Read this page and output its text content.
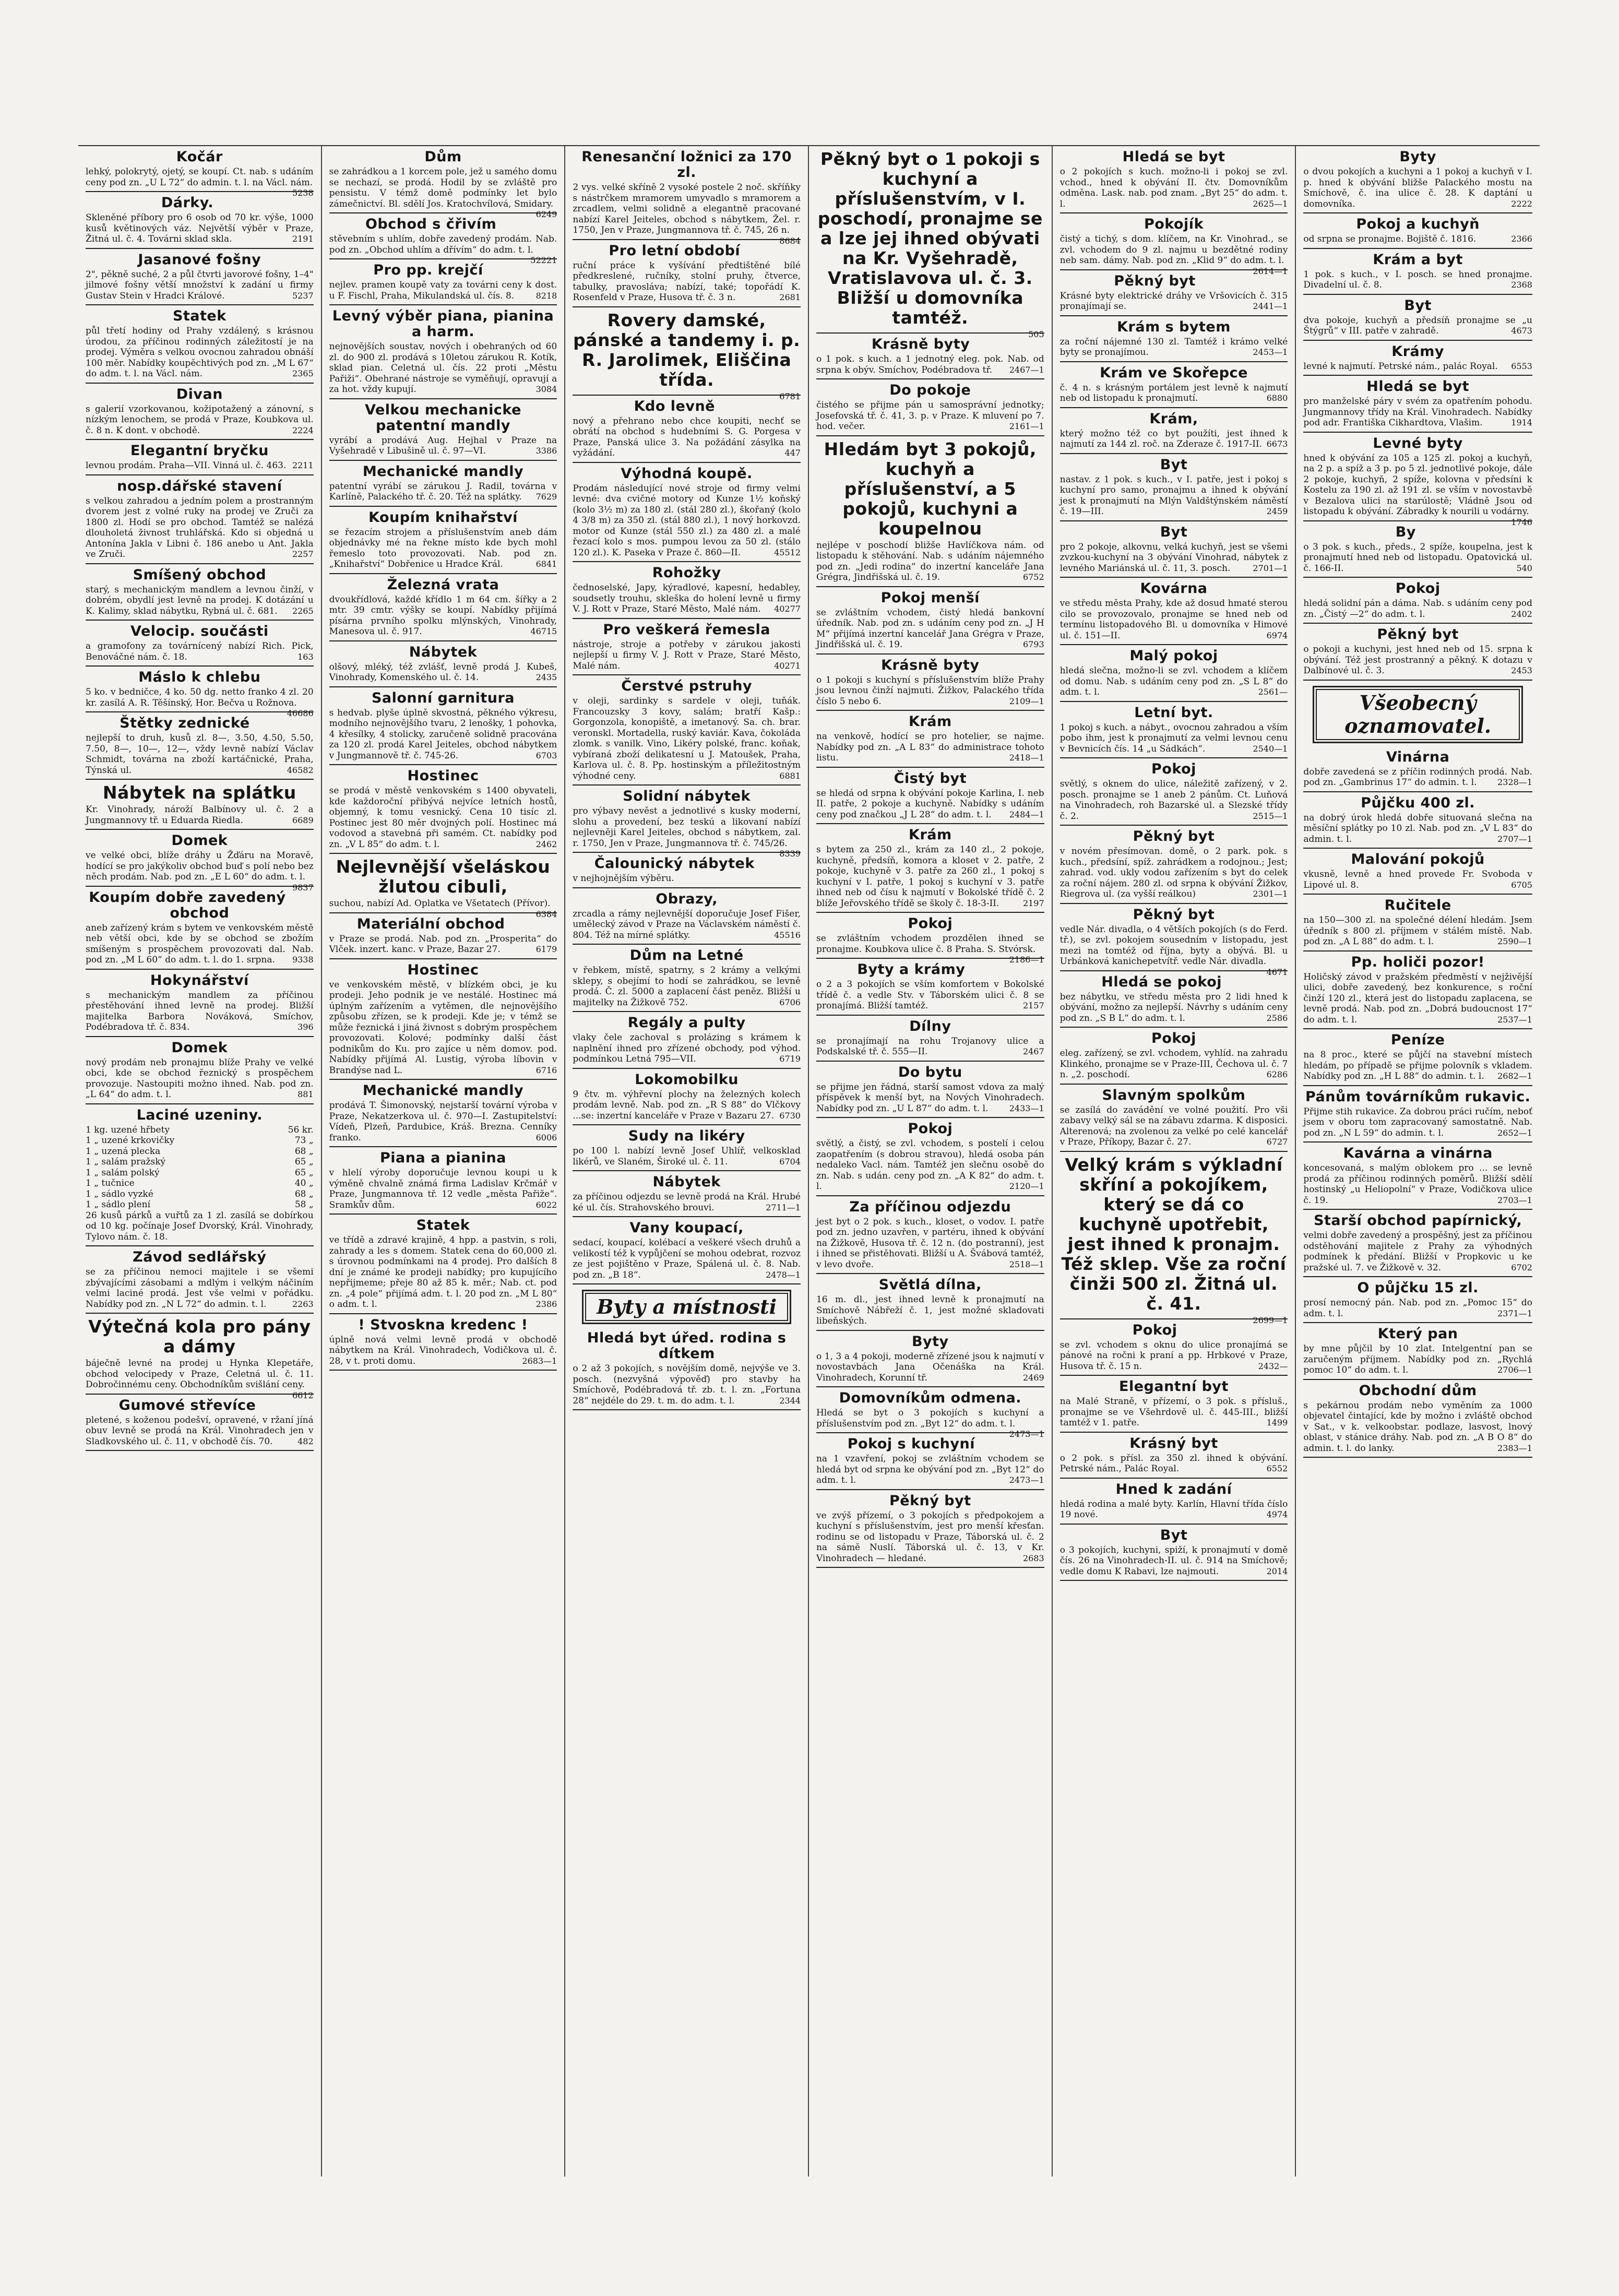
Kočár
lehký, polokrytý, ojetý, se koupí. Ct. nab. s udáním ceny pod zn. „U L 72“ do admin. t. l. na Václ. nám.
5238
Dárky.
Skleněné příbory pro 6 osob od 70 kr. výše, 1000 kusů květinových váz. Největší výběr v Praze, Žitná ul. č. 4. Továrni sklad skla.	2191
Jasanové fošny
2", pěkně suché, 2 a půl čtvrti javorové fošny, 1–4" jilmové fošny větší množství k zadání u firmy Gustav Stein v Hradci Králové.	5237
Statek
půl třetí hodiny od Prahy vzdálený, s krásnou úrodou, za příčinou rodinných záležitostí je na prodej. Výměra s velkou ovocnou zahradou obnáší 100 měr. Nabídky koupěchtivých pod zn. „M L 67“ do adm. t. l. na Václ. nám.	2365
Divan
s galerií vzorkovanou, kožipotažený a zánovní, s nízkým lenochem, se prodá v Praze, Koubkova ul. č. 8 n. K dont. v obchodě.	2224
Elegantní bryčku
levnou prodám. Praha—VII. Vinná ul. č. 463. 2211
nosp.dářské stavení
s velkou zahradou a jedním polem a prostranným dvorem jest z volné ruky na prodej ve Zruči za 1800 zl. Hodí se pro obchod. Tamtéž se nalézá dlouholetá živnost truhlářská. Kdo si objedná u Antonína Jakla v Libni č. 186 anebo u Ant. Jakla ve Zruči.	2257
Smíšený obchod
starý, s mechanickým mandlem a levnou činží, v dobrém, obydlí jest levně na prodej. K dotázání u K. Kalimy, sklad nábytku, Rybná ul. č. 681.	2265
Velocip. součásti
a gramofony za továrnícený nabízí Rich. Pick, Benováčné nám. č. 18.	163
Máslo k chlebu
5 ko. v bedničce, 4 ko. 50 dg. netto franko 4 zl. 20 kr. zasílá A. R. Těšínský, Hor. Bečva u Rožnova.
46686
Štětky zednické
nejlepší to druh, kusů zl. 8—, 3.50, 4.50, 5.50, 7.50, 8—, 10—, 12—, vždy levně nabízí Václav Schmidt, továrna na zboží kartáčnické, Praha, Týnská ul.	46582
Nábytek na splátku
Kr. Vinohrady, nároží Balbínovy ul. č. 2 a Jungmannovy tř. u Eduarda Riedla.	6689
Domek
ve velké obci, blíže dráhy u Žďáru na Moravě, hodící se pro jakýkoliv obchod buď s polí nebo bez něch prodám. Nab. pod zn. „E L 60“ do adm. t. l.
9837
Koupím dobře zavedený obchod
aneb zařízený krám s bytem ve venkovském městě neb větší obci, kde by se obchod se zbožím smíšeným s prospěchem provozovati dal. Nab. pod zn. „M L 60“ do adm. t. l. do 1. srpna.	9338
Hokynářství
s mechanickým mandlem za příčinou přestěhování ihned levně na prodej. Bližší majitelka Barbora Nováková, Smíchov, Podébradova tř. č. 834.	396
Domek
nový prodám neb pronajmu blíže Prahy ve velké obci, kde se obchod řeznický s prospěchem provozuje. Nastoupiti možno ihned. Nab. pod zn. „L 64“ do adm. t. l.	881
Laciné uzeniny.
1 kg. uzené hřbety	56 kr.
1 „ uzené krkovičky	73 „
1 „ uzená plecka	68 „
1 „ salám pražský	65 „
1 „ salám polský	65 „
1 „ tučnice	40 „
1 „ sádlo vyzké	68 „
1 „ sádlo plení	58 „
26 kusů párků a vuřtů za 1 zl. zasílá se dobírkou od 10 kg. počínaje Josef Dvorský, Král. Vinohrady, Tylovo nám. č. 18.
Závod sedlářský
se za příčinou nemoci majitele i se všemi zbývajícími zásobami a mdlým i velkým náčiním velmi laciné prodá. Jest vše velmi v pořádku. Nabídky pod zn. „N L 72“ do admin. t. l.	2263
Výtečná kola pro pány a dámy
báječně levné na prodej u Hynka Klepetáře, obchod velocipedy v Praze, Celetná ul. č. 11. Dobročinnému ceny. Obchodníkům svišlání ceny.
6612
Gumové střevíce
pletené, s koženou podešví, opravené, v ržaní jíná obuv levně se prodá na Král. Vinohradech jen v Sladkovského ul. č. 11, v obchodě čís. 70.	482
Dům
se zahrádkou a 1 korcem pole, jež u samého domu se nechazí, se prodá. Hodil by se zvláště pro pensistu. V témž domě podmínky let bylo zámečnictví. Bl. sdělí Jos. Kratochvílová, Smidary.
6249
Obchod s čřivím
stěvebním s uhlím, dobře zavedený prodám. Nab. pod zn. „Obchod uhlím a dřívím“ do adm. t. l.
52221
Pro pp. krejčí
nejlev. pramen koupě vaty za továrni ceny k dost. u F. Fischl, Praha, Mikulandská ul. čís. 8.	8218
Levný výběr piana, pianina a harm.
nejnovějších soustav, nových i obehraných od 60 zl. do 900 zl. prodává s 10letou zárukou R. Kotík, sklad pian. Celetná ul. čís. 22 proti „Městu Pařiži“. Obehrané nástroje se vyměňují, opravují a za hot. vždy kupují.	3084
Velkou mechanicke patentní mandly
vyrábí a prodává Aug. Hejhal v Praze na Vyšehradě v Libušině ul. č. 97—VI.	3386
Mechanické mandly
patentní vyrábí se zárukou J. Radil, továrna v Karlíně, Palackého tř. č. 20. Též na splátky.	7629
Koupím knihařství
se řezacím strojem a příslušenstvím aneb dám objednávky mé na řekne místo kde bych mohl řemeslo toto provozovati. Nab. pod zn. „Knihařství“ Dobřenice u Hradce Král.	6841
Železná vrata
dvoukřídlová, každé křídlo 1 m 64 cm. šířky a 2 mtr. 39 cmtr. výšky se koupí. Nabídky přijímá písárna prvního spolku mlýnských, Vinohrady, Manesova ul. č. 917.	46715
Nábytek
olšový, mléký, též zvlášť, levně prodá J. Kubeš, Vinohrady, Komenského ul. č. 14.	2435
Salonní garnitura
s hedvab. plyše úplně skvostná, pěkného výkresu, modního nejnovějšího tvaru, 2 lenošky, 1 pohovka, 4 křesílky, 4 stolicky, zaručeně solidně pracována za 120 zl. prodá Karel Jeiteles, obchod nábytkem v Jungmannově tř. č. 745-26.	6703
Hostinec
se prodá v městě venkovském s 1400 obyvateli, kde každoroční přibývá nejvíce letních hostů, objemný, k tomu vesnický. Cena 10 tisíc zl. Postinec jest 80 měr dvojných polí. Hostinec má vodovod a stavebná při samém. Ct. nabídky pod zn. „V L 85“ do adm. t. l.	2462
Nejlevnější všeláskou žlutou cibuli,
suchou, nabízí Ad. Oplatka ve Všetatech (Přívor).
6384
Materiální obchod
v Praze se prodá. Nab. pod zn. „Prosperita“ do Vlček. inzert. kanc. v Praze, Bazar 27.	6179
Hostinec
ve venkovském městě, v blízkém obci, je ku prodeji. Jeho podnik je ve nestálé. Hostinec má úplným zařízením a vytěmen, dle nejnovějšího způsobu zřízen, se k prodeji. Kde je; v témž se může řeznická i jiná živnost s dobrým prospěchem provozovati. Kolové; podmínky další část podnikům do Ku. pro zajíce u něm domov. pod. Nabídky přijímá Al. Lustig, výroba líbovin v Brandýse nad L.	6716
Mechanické mandly
prodává T. Šimonovský, nejstarší tovární výroba v Praze, Nekatzerkova ul. č. 970—I. Zastupitelství: Vídeň, Plzeň, Pardubice, Kráš. Brezna. Cenníky franko.	6006
Piana a pianina
v hlelí výroby doporučuje levnou koupi u k výměně chvalně známá firma Ladislav Krčmář v Praze, Jungmannova tř. 12 vedle „města Pařiže“. Sramkův dům.	6022
Statek
ve třídě a zdravé krajině, 4 hpp. a pastvin, s roli, zahrady a les s domem. Statek cena do 60,000 zl. s úrovnou podmínkami na 4 prodej. Pro dalších 8 dní je známé ke prodeji nabídky; pro kupujícího nepřijmeme; přeje 80 až 85 k. měr.; Nab. ct. pod zn. „4 pole“ přijímá adm. t. l. 20 pod zn. „M L 80“ o adm. t. l.	2386
! Stvoskna kredenc !
úplně nová velmi levně prodá v obchodě nábytkem na Král. Vinohradech, Vodičkova ul. č. 28, v t. proti domu.	2683—1
Renesanční ložnici za 170 zl.
2 vys. velké skříně 2 vysoké postele 2 noč. skříňky s nástrčkem mramorem umyvadlo s mramorem a zrcadlem, velmi solidně a elegantně pracované nabízí Karel Jeiteles, obchod s nábytkem, Žel. r. 1750, Jen v Praze, Jungmannova tř. č. 745, 26 n.
8684
Pro letní období
ruční práce k vyšívání předtištěné bílé předkreslené, ručníky, stolní pruhy, čtverce, tabulky, pravosláva; nabízí, také; topořádí K. Rosenfeld v Praze, Husova tř. č. 3 n.	2681
Rovery damské, pánské a tandemy i. p. R. Jarolimek, Eliščina třída.
6781
Kdo levně
nový a přehrano nebo chce koupiti, nechť se obrátí na obchod s hudebními S. G. Porgesa v Praze, Panská ulice 3. Na požádání zásylka na vyžádání.	447
Výhodná koupě.
Prodám následující nové stroje od firmy velmi levné: dva cvičné motory od Kunze 1½ koňský (kolo 3½ m) za 180 zl. (stál 280 zl.), škořaný (kolo 4 3/8 m) za 350 zl. (stál 880 zl.), 1 nový horkovzd. motor od Kunze (stál 550 zl.) za 480 zl. a malé řezací kolo s mos. pumpou levou za 50 zl. (stálo 120 zl.). K. Paseka v Praze č. 860—II.	45512
Rohožky
čednoselské, Japy, kýradlové, kapesní, hedabley, soudsetly trouhu, skleška do holení levně u firmy V. J. Rott v Praze, Staré Město, Malé nám.	40277
Pro veškerá řemesla
nástroje, stroje a potřeby v zárukou jakosti nejlepší u firmy V. J. Rott v Praze, Staré Město, Malé nám.	40271
Čerstvé pstruhy
v oleji, sardinky s sardele v oleji, tuňák. Francouzsky 3 kovy, salám; bratří Kašp.: Gorgonzola, konopiště, a imetanový. Sa. ch. brar. veronskl. Mortadella, ruský kaviár. Kava, čokoláda zlomk. s vanilk. Vino, Likéry polské, franc. koňak, vybíraná zboží delikatesní u J. Matoušek, Praha, Karlova ul. č. 8. Pp. hostinským a příležitostným výhodné ceny.	6881
Solidní nábytek
pro výbavy nevěst a jednotlivé s kusky moderní, slohu a provedení, bez teskú a likovaní nabízí nejlevněji Karel Jeiteles, obchod s nábytkem, zal. r. 1750, Jen v Praze, Jungmannova tř. č. 745/26.
8339
Čalounický nábytek
v nejhojnějším výběru.
Obrazy,
zrcadla a rámy nejlevnější doporučuje Josef Fišer, umělecký závod v Praze na Václavském náměstí č. 804. Též na mírné splátky.	45516
Dům na Letné
v řebkem, místě, spatrny, s 2 krámy a velkými sklepy, s obejímí to hodí se zahrádkou, se levně prodá. Č. zl. 5000 a zaplacení část peněz. Bližší u majitelky na Žižkově 752.	6706
Regály a pulty
vlaky čele zachoval s prolázing s krámem k naplnění ihned pro zřízené obchody, pod výhod. podmínkou Letná 795—VII.	6719
Lokomobilku
9 čtv. m. výhřevní plochy na železných kolech prodám levně. Nab. pod zn. „R S 88“ do Vlčkovy ...se: inzertní kanceláře v Praze v Bazaru 27. 6730
Sudy na likéry
po 100 l. nabízí levně Josef Uhlíř, velkosklad likérů, ve Slaném, Široké ul. č. 11.	6704
Nábytek
za příčinou odjezdu se levně prodá na Král. Hrubé ké ul. čís. Strahovského brouvi.	2711—1
Vany koupací,
sedací, koupací, kolébací a veškeré všech druhů a velikostí též k vypůjčení se mohou odebrat, rozvoz ze jest pojištěno v Praze, Spálená ul. č. 8. Nab. pod zn. „B 18“.	2478—1
Byty a místnosti
Hledá byt úřed. rodina s dítkem
o 2 až 3 pokojích, s novějším domě, nejvýše ve 3. posch. (nezvyšná výpověď) pro stavby ha Smíchově, Podébradová tř. zb. t. l. zn. „Fortuna 28“ nejdéle do 29. t. m. do adm. t. l.	2344
Pěkný byt o 1 pokoji s kuchyní a příslušenstvím, v I. poschodí, pronajme se a lze jej ihned obývati na Kr. Vyšehradě, Vratislavova ul. č. 3. Bližší u domovníka tamtéž.
505
Krásně byty
o 1 pok. s kuch. a 1 jednotný eleg. pok. Nab. od srpna k obýv. Smíchov, Podébradova tř.	2467—1
Do pokoje
čistého se přijme pán u samosprávní jednotky; Josefovská tř. č. 41, 3. p. v Praze. K mluvení po 7. hod. večer.	2161—1
Hledám byt 3 pokojů, kuchyň a příslušenství, a 5 pokojů, kuchyni a koupelnou
nejlépe v poschodí bližše Havlíčkova nám. od listopadu k stěhování. Nab. s udáním nájemného pod zn. „Jedi rodina“ do inzertní kanceláře Jana Grégra, Jindřišská ul. č. 19.	6752
Pokoj menší
se zvláštním vchodem, čistý hledá bankovní úředník. Nab. pod zn. s udáním ceny pod zn. „J H M“ přijímá inzertní kancelář Jana Grégra v Praze, Jindřišská ul. č. 19.	6793
Krásně byty
o 1 pokoji s kuchyní s příslušenstvím blíže Prahy jsou levnou činží najmuti. Žižkov, Palackého třída číslo 5 nebo 6.	2109—1
Krám
na venkově, hodící se pro hotelier, se najme. Nabídky pod zn. „A L 83“ do administrace tohoto listu.	2418—1
Čistý byt
se hledá od srpna k obývání pokoje Karlina, I. neb II. patře, 2 pokoje a kuchyně. Nabídky s udáním ceny pod značkou „J L 28“ do adm. t. l.	2484—1
Krám
s bytem za 250 zl., krám za 140 zl., 2 pokoje, kuchyně, předsíň, komora a kloset v 2. patře, 2 pokoje, kuchyně v 3. patře za 260 zl., 1 pokoj s kuchyní v I. patře, 1 pokoj s kuchyní v 3. patře ihned neb od čísu k najmutí v Bokolské třídě č. 2 blíže Jeřovského třídě se školy č. 18-3-II.	2197
Pokoj
se zvláštním vchodem prozdělen ihned se pronajme. Koubkova ulice č. 8 Praha. S. Stvórsk.
2186—1
Byty a krámy
o 2 a 3 pokojích se vším komfortem v Bokolské třídě č. a vedle Stv. v Táborském ulici č. 8 se pronajímá. Bližší tamtéž.	2157
Dílny
se pronajímají na rohu Trojanovy ulice a Podskalské tř. č. 555—II.	2467
Do bytu
se přijme jen řádná, starší samost vdova za malý příspěvek k menší byt, na Nových Vinohradech. Nabídky pod zn. „U L 87“ do adm. t. l.	2433—1
Pokoj
světlý, a čistý, se zvl. vchodem, s postelí i celou zaopatřením (s dobrou stravou), hledá osoba pán nedaleko Vacl. nám. Tamtéž jen slečnu osobě do zn. Nab. s udán. ceny pod zn. „A K 82“ do adm. t. l.	2120—1
Za příčinou odjezdu
jest byt o 2 pok. s kuch., kloset, o vodov. I. patře pod zn. jedno uzavřen, v partéru, ihned k obývání na Žižkově, Husova tř. č. 12 n. (do postranní), jest i ihned se přistěhovati. Bližší u A. Švábová tamtéž, v levo dvoře.	2518—1
Světlá dílna,
16 m. dl., jest ihned levně k pronajmutí na Smíchově Nábřeží č. 1, jest možné skladovati libeňských.
Byty
o 1, 3 a 4 pokoji, moderně zřízené jsou k najmutí v novostavbách Jana Očenáška na Král. Vinohradech, Korunní tř.	2469
Domovníkům odmena.
Hledá se byt o 3 pokojích s kuchyní a příslušenstvím pod zn. „Byt 12“ do adm. t. l.
2473—1
Pokoj s kuchyní
na 1 vzavření, pokoj se zvláštním vchodem se hledá byt od srpna ke obývání pod zn. „Byt 12“ do adm. t. l.	2473—1
Pěkný byt
ve zvýš přízemí, o 3 pokojích s předpokojem a kuchyní s příslušenstvím, jest pro menší křesťan. rodinu se od listopadu v Praze, Táborská ul. č. 2 na sámě Nuslí. Táborská ul. č. 13, v Kr. Vinohradech — hledané.	2683
Hledá se byt
o 2 pokojích s kuch. možno-li i pokoj se zvl. vchod., hned k obývání II. čtv. Domovníkům odměna. Lask. nab. pod znam. „Byt 25“ do adm. t. l.	2625—1
Pokojík
čistý a tichý, s dom. klíčem, na Kr. Vinohrad., se zvl. vchodem do 9 zl. najmu u bezdětné rodiny neb sam. dámy. Nab. pod zn. „Klid 9“ do adm. t. l.
2614—1
Pěkný byt
Krásné byty elektrické dráhy ve Vršovicích č. 315 pronajímají se.	2441—1
Krám s bytem
za roční nájemné 130 zl. Tamtéž i krámo velké byty se pronajímou.	2453—1
Krám ve Skořepce
č. 4 n. s krásným portálem jest levně k najmutí neb od listopadu k pronajmutí.	6880
Krám,
který možno též co byt použíti, jest ihned k najmutí za 144 zl. roč. na Zderaze č. 1917-II. 6673
Byt
nastav. z 1 pok. s kuch., v I. patře, jest i pokoj s kuchyní pro samo, pronajmu a ihned k obývání jest k pronajmutí na Mlýn Valdštýnském náměstí č. 19—III.	2459
Byt
pro 2 pokoje, alkovnu, velká kuchyň, jest se všemi zvzkou-kuchyní na 3 obývání Vinohrad, nábytek z levného Mariánská ul. č. 11, 3. posch.	2701—1
Kovárna
ve středu města Prahy, kde až dosud hmaté sterou cilo se provozovalo, pronajme se hned neb od termínu listopadového Bl. u domovníka v Himové ul. č. 151—II.	6974
Malý pokoj
hledá slečna, možno-li se zvl. vchodem a klíčem od domu. Nab. s udáním ceny pod zn. „S L 8“ do adm. t. l.	2561—
Letní byt.
1 pokoj s kuch. a nábyt., ovocnou zahradou a vším pobo ihm, jest k pronajmutí za velmi levnou cenu v Bevnicích čís. 14 „u Sádkách“.	2540—1
Pokoj
světlý, s oknem do ulice, náležitě zařízený, v 2. posch. pronajme se 1 aneb 2 pánům. Ct. Luňová na Vinohradech, roh Bazarské ul. a Slezské třídy č. 2.	2515—1
Pěkný byt
v novém přesímovan. domě, o 2 park. pok. s kuch., předsíní, spíž. zahrádkem a rodojnou.; Jest; zahrad. vod. ukly vodou zařízením s byt do celek za roční nájem. 280 zl. od srpna k obývání Žižkov, Riegrova ul. (za vyšší reálkou)	2301—1
Pěkný byt
vedle Nár. divadla, o 4 větších pokojích (s do Ferd. tř.), se zvl. pokojem sousedním v listopadu, jest mezi na tomtéž od října, byty a obývá. Bl. u Urbánková kanichepetvítř. vedle Nár. divadla.
4671
Hledá se pokoj
bez nábytku, ve středu města pro 2 lidi hned k obývání, možno za nejlepší. Návrhy s udáním ceny pod zn. „S B L“ do adm. t. l.	2586
Pokoj
eleg. zařízený, se zvl. vchodem, vyhlíd. na zahradu Klinkého, pronajme se v Praze-III, Čechova ul. č. 7 n. „2. poschodí.	6286
Slavným spolkům
se zasílá do zavádění ve volné použití. Pro vši zabavy velký sál se na zábavu zdarma. K disposici. Alterenová; na zvolenou za velké po celé kancelář v Praze, Příkopy, Bazar č. 27.	6727
Velký krám s výkladní skříní a pokojíkem, který se dá co kuchyně upotřebit, jest ihned k pronajm. Též sklep. Vše za roční činži 500 zl. Žitná ul. č. 41.
2699—1
Pokoj
se zvl. vchodem s oknu do ulice pronajímá se pánové na ročni k praní a pp. Hrbkové v Praze, Husova tř. č. 15 n.	2432—
Elegantní byt
na Malé Straně, v přízemí, o 3 pok. s přísluš., pronajme se ve Všehrdově ul. č. 445-III., bližší tamtéž v 1. patře.	1499
Krásný byt
o 2 pok. s přísl. za 350 zl. ihned k obývání. Petrské nám., Palác Royal.	6552
Hned k zadání
hledá rodina a malé byty. Karlín, Hlavní třída číslo 19 nové.	4974
Byt
o 3 pokojích, kuchyni, spiží, k pronajmutí v domě čís. 26 na Vinohradech-II. ul. č. 914 na Smíchově; vedle domu K Rabavi, lze najmouti.	2014
Byty
o dvou pokojích a kuchyni a 1 pokoj a kuchyň v I. p. hned k obývání bližše Palackého mostu na Smíchově, č. ina ulice č. 28. K daptání u domovníka.	2222
Pokoj a kuchyň
od srpna se pronajme. Bojiště č. 1816.	2366
Krám a byt
1 pok. s kuch., v I. posch. se hned pronajme. Divadelní ul. č. 8.	2368
Byt
dva pokoje, kuchyň a předsíň pronajme se „u Štýgrů“ v III. patře v zahradě.	4673
Krámy
levné k najmutí. Petrské nám., palác Royal.	6553
Hledá se byt
pro manželské páry v svém za opatřením pohodu. Jungmannovy třídy na Král. Vinohradech. Nabídky pod adr. Františka Cikhardtova, Vlašim.	1914
Levné byty
hned k obývání za 105 a 125 zl. pokoj a kuchyň, na 2 p. a spíž a 3 p. po 5 zl. jednotlivé pokoje, dále 2 pokoje, kuchyň, 2 spíže, kolovna v předsíni k Kostelu za 190 zl. až 191 zl. se vším v novostavbě v Bezalova ulici na starúlostě; Vládně Jsou od listopadu k obývání. Zábradky k nourili u vodárny.
1746
By
o 3 pok. s kuch., předs., 2 spíže, koupelna, jest k pronajmutí hned neb od listopadu. Opatovická ul. č. 166-II.	540
Pokoj
hledá solidní pán a dáma. Nab. s udáním ceny pod zn. „Čistý —2“ do adm. t. l.	2402
Pěkný byt
o pokoji a kuchyni, jest hned neb od 15. srpna k obývání. Též jest prostranný a pěkný. K dotazu v Dalbínové ul. č. 3.	2453
Všeobecný oznamovatel.
Vinárna
dobře zavedená se z příčin rodinných prodá. Nab. pod zn. „Gambrinus 17“ do admin. t. l.	2328—1
Půjčku 400 zl.
na dobrý úrok hledá dobře situovaná slečna na měsíční splátky po 10 zl. Nab. pod zn. „V L 83“ do admin. t. l.	2707—1
Malování pokojů
vkusně, levně a hned provede Fr. Svoboda v Lipové ul. 8.	6705
Ručitele
na 150—300 zl. na společné délení hledám. Jsem úředník s 800 zl. příjmem v stálém místě. Nab. pod zn. „A L 88“ do adm. t. l.	2590—1
Pp. holiči pozor!
Holičský závod v pražském předměstí v nejživější ulici, dobře zavedený, bez konkurence, s roční činží 120 zl., která jest do listopadu zaplacena, se levně prodá. Nab. pod zn. „Dobrá budoucnost 17“ do adm. t. l.	2537—1
Peníze
na 8 proc., které se půjčí na stavební místech hledám, po případě se přijme polovník s vkladem. Nabídky pod zn. „H L 88“ do admin. t. l.	2682—1
Pánům továrníkům rukavic.
Přijme stih rukavice. Za dobrou práci ručím, neboť jsem v oboru tom zapracovaný samostatně. Nab. pod zn. „N L 59“ do admin. t. l.	2652—1
Kavárna a vinárna
koncesovaná, s malým oblokem pro ... se levně prodá za příčinou rodinných poměrů. Bližší sdělí hostinský „u Heliopolní“ v Praze, Vodičkova ulice č. 19.	2703—1
Starší obchod papírnický,
velmi dobře zavedený a prospěšný, jest za příčinou odstěhování majitele z Prahy za výhodných podmínek k předání. Bližší v Propkovic u ke pražské ul. 7. ve Žižkově v. 32.	6702
O půjčku 15 zl.
prosí nemocný pán. Nab. pod zn. „Pomoc 15“ do adm. t. l.	2371—1
Který pan
by mne půjčil by 10 zlat. Intelgentní pan se zaručeným příjmem. Nabídky pod zn. „Rychlá pomoc 10“ do adm. t. l.	2706—1
Obchodní dům
s pekárnou prodám nebo vyměním za 1000 objevatel čintající, kde by možno i zvláště obchod v Sat., v k. velkoobstar. podlaze, lasvost, lnový oblast, v stánice dráhy. Nab. pod zn. „A B O 8“ do admin. t. l. do lanky.	2383—1
